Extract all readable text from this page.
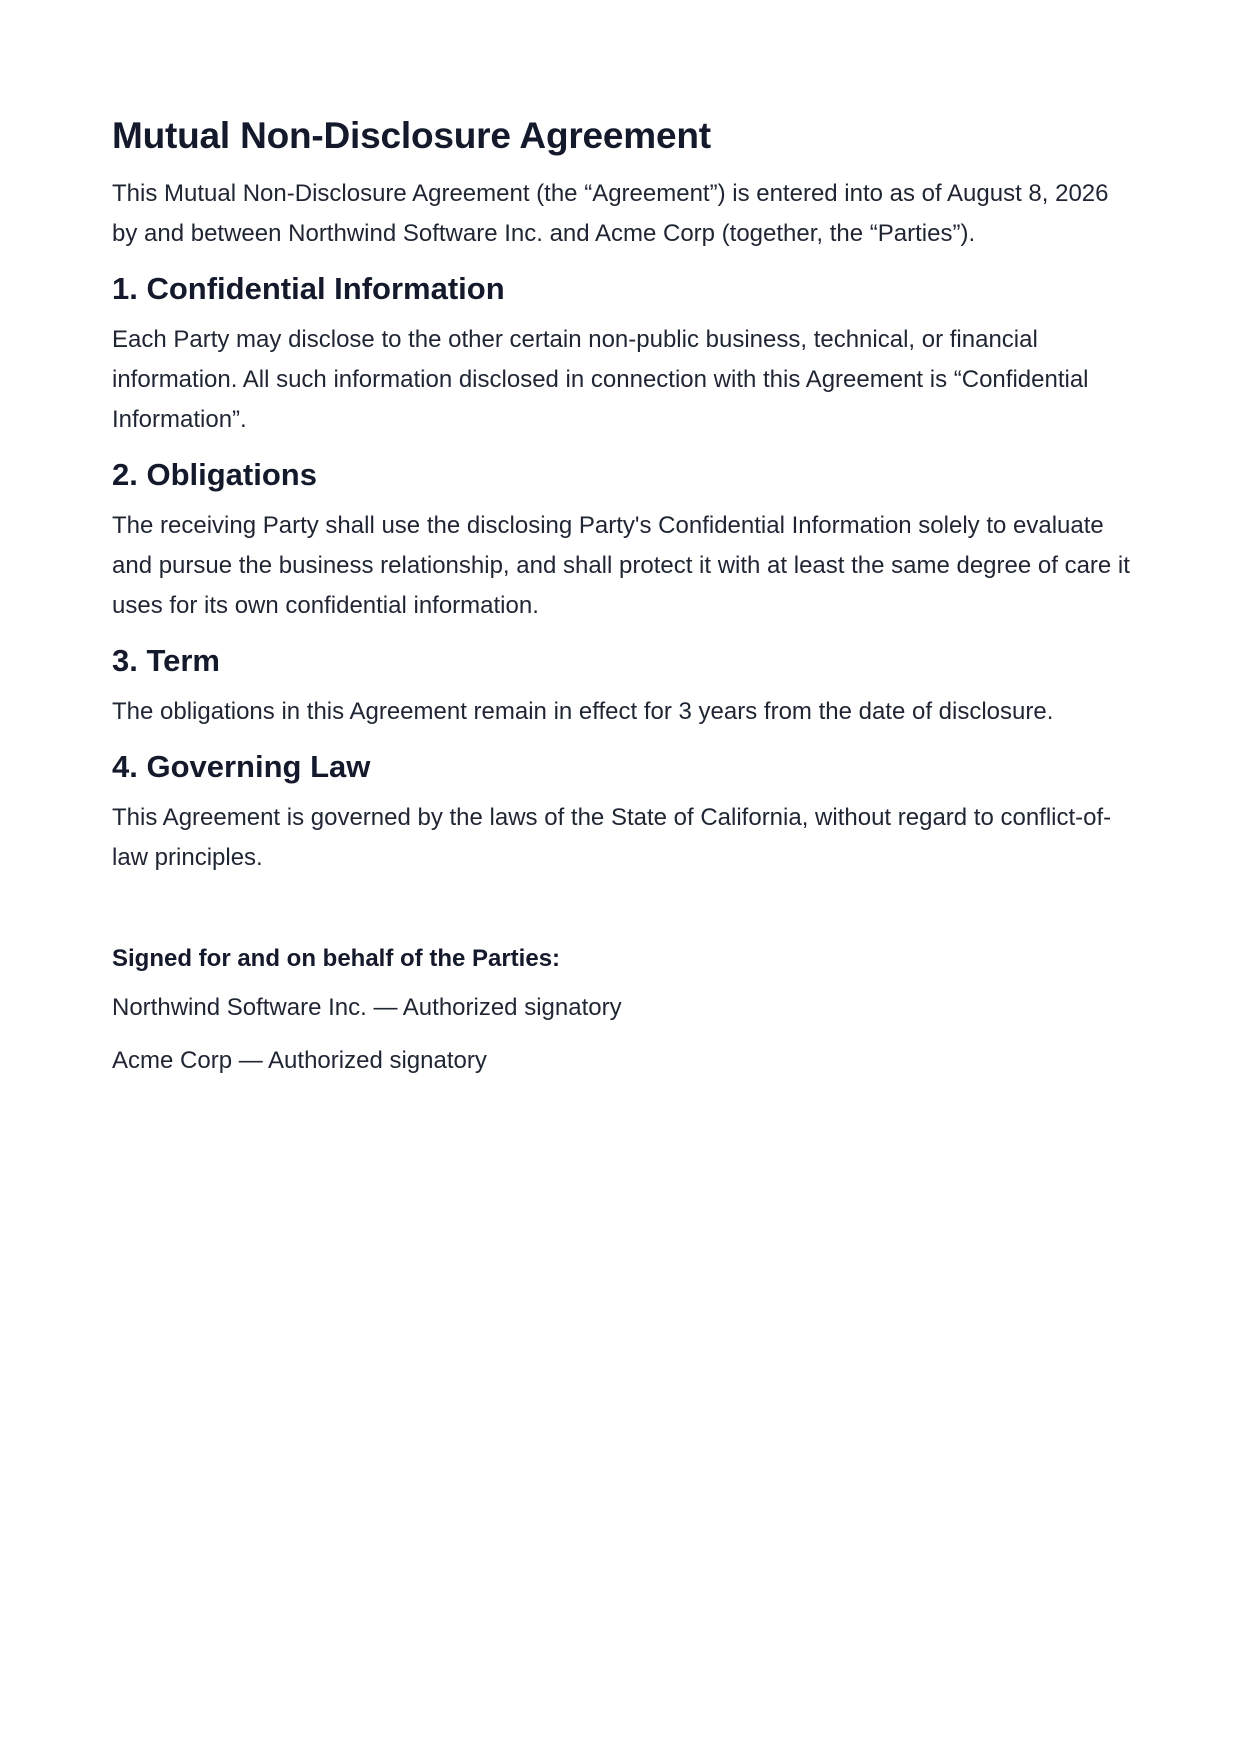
Mutual Non-Disclosure Agreement

This Mutual Non-Disclosure Agreement (the “Agreement”) is entered into as of August 8, 2026 by and between Northwind Software Inc. and Acme Corp (together, the “Parties”).

1. Confidential Information

Each Party may disclose to the other certain non-public business, technical, or financial information. All such information disclosed in connection with this Agreement is “Confidential Information”.

2. Obligations

The receiving Party shall use the disclosing Party's Confidential Information solely to evaluate and pursue the business relationship, and shall protect it with at least the same degree of care it uses for its own confidential information.

3. Term

The obligations in this Agreement remain in effect for 3 years from the date of disclosure.

4. Governing Law

This Agreement is governed by the laws of the State of California, without regard to conflict-of-law principles.

Signed for and on behalf of the Parties:

Northwind Software Inc. — Authorized signatory

Acme Corp — Authorized signatory
